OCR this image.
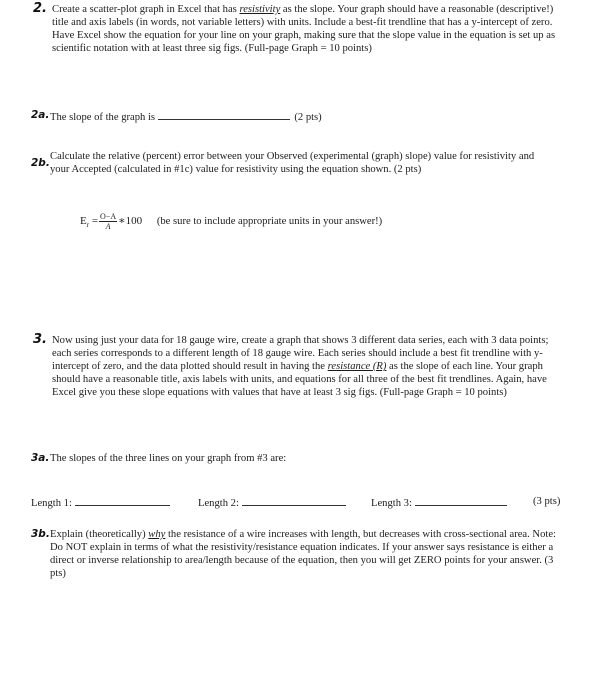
2. Create a scatter-plot graph in Excel that has resistivity as the slope. Your graph should have a reasonable (descriptive!) title and axis labels (in words, not variable letters) with units. Include a best-fit trendline that has a y-intercept of zero. Have Excel show the equation for your line on your graph, making sure that the slope value in the equation is set up as scientific notation with at least three sig figs. (Full-page Graph = 10 points)
2a. The slope of the graph is	(2 pts)
2b.
Calculate the relative (percent) error between your Observed (experimental (graph) slope) value for resistivity and your Accepted (calculated in #1c) value for resistivity using the equation shown. (2 pts)
$E_r = \frac{O-A}{A}$ ∗100 (be sure to include appropriate units in your answer!)
3. Now using just your data for 18 gauge wire, create a graph that shows 3 different data series, each with 3 data points; each series corresponds to a different length of 18 gauge wire. Each series should include a best fit trendline with y-intercept of zero, and the data plotted should result in having the resistance (R) as the slope of each line. Your graph should have a reasonable title, axis labels with units, and equations for all three of the best fit trendlines. Again, have Excel give you these slope equations with values that have at least 3 sig figs. (Full-page Graph = 10 points)
3a. The slopes of the three lines on your graph from #3 are:
Length 1:	Length 2:	Length 3:	(3 pts)
3b. Explain (theoretically) why the resistance of a wire increases with length, but decreases with cross-sectional area. Note: Do NOT explain in terms of what the resistivity/resistance equation indicates. If your answer says resistance is either a direct or inverse relationship to area/length because of the equation, then you will get ZERO points for your answer. (3 pts)
